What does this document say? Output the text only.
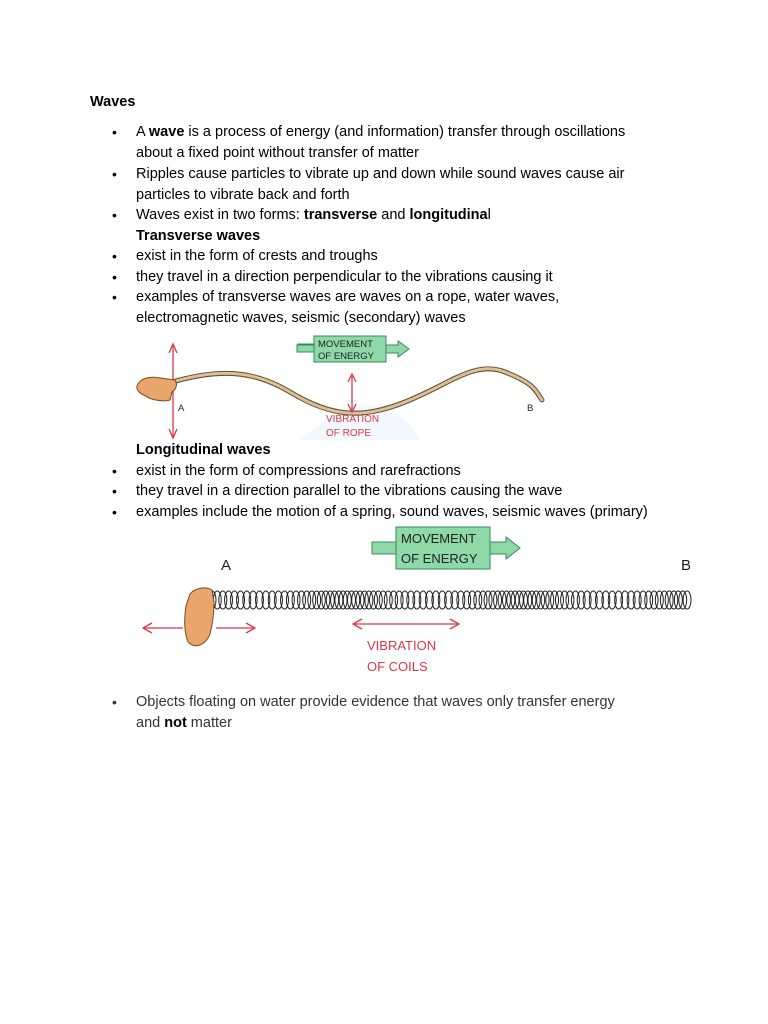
Waves
• A wave is a process of energy (and information) transfer through oscillations
about a fixed point without transfer of matter
• Ripples cause particles to vibrate up and down while sound waves cause air
particles to vibrate back and forth
• Waves exist in two forms: transverse and longitudinal
Transverse waves
• exist in the form of crests and troughs
• they travel in a direction perpendicular to the vibrations causing it
• examples of transverse waves are waves on a rope, water waves,
electromagnetic waves, seismic (secondary) waves
MOVEMENT
OF ENERGY
A	B
VIBRATION
OF ROPE
Longitudinal waves
• exist in the form of compressions and rarefractions
• they travel in a direction parallel to the vibrations causing the wave
• examples include the motion of a spring, sound waves, seismic waves (primary)
MOVEMENT
OF ENERGY
A	B
VIBRATION
OF COILS
• Objects floating on water provide evidence that waves only transfer energy
and not matter
